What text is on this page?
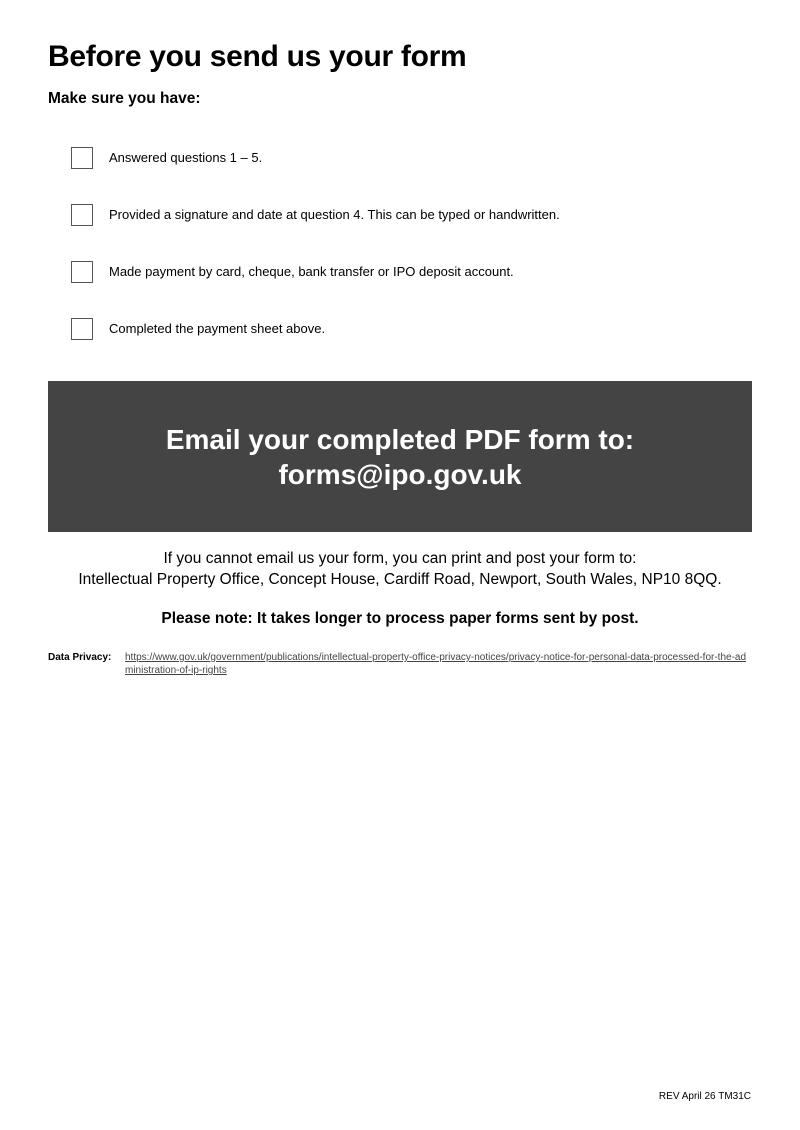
Before you send us your form

Make sure you have:

Answered questions 1 – 5.
Provided a signature and date at question 4. This can be typed or handwritten.
Made payment by card, cheque, bank transfer or IPO deposit account.
Completed the payment sheet above.
Email your completed PDF form to:
forms@ipo.gov.uk
If you cannot email us your form, you can print and post your form to:
Intellectual Property Office, Concept House, Cardiff Road, Newport, South Wales, NP10 8QQ.
Please note: It takes longer to process paper forms sent by post.
Data Privacy:	https://www.gov.uk/government/publications/intellectual-property-office-privacy-notices/privacy-notice-for-personal-data-processed-for-the-administration-of-ip-rights
REV April 26 TM31C
